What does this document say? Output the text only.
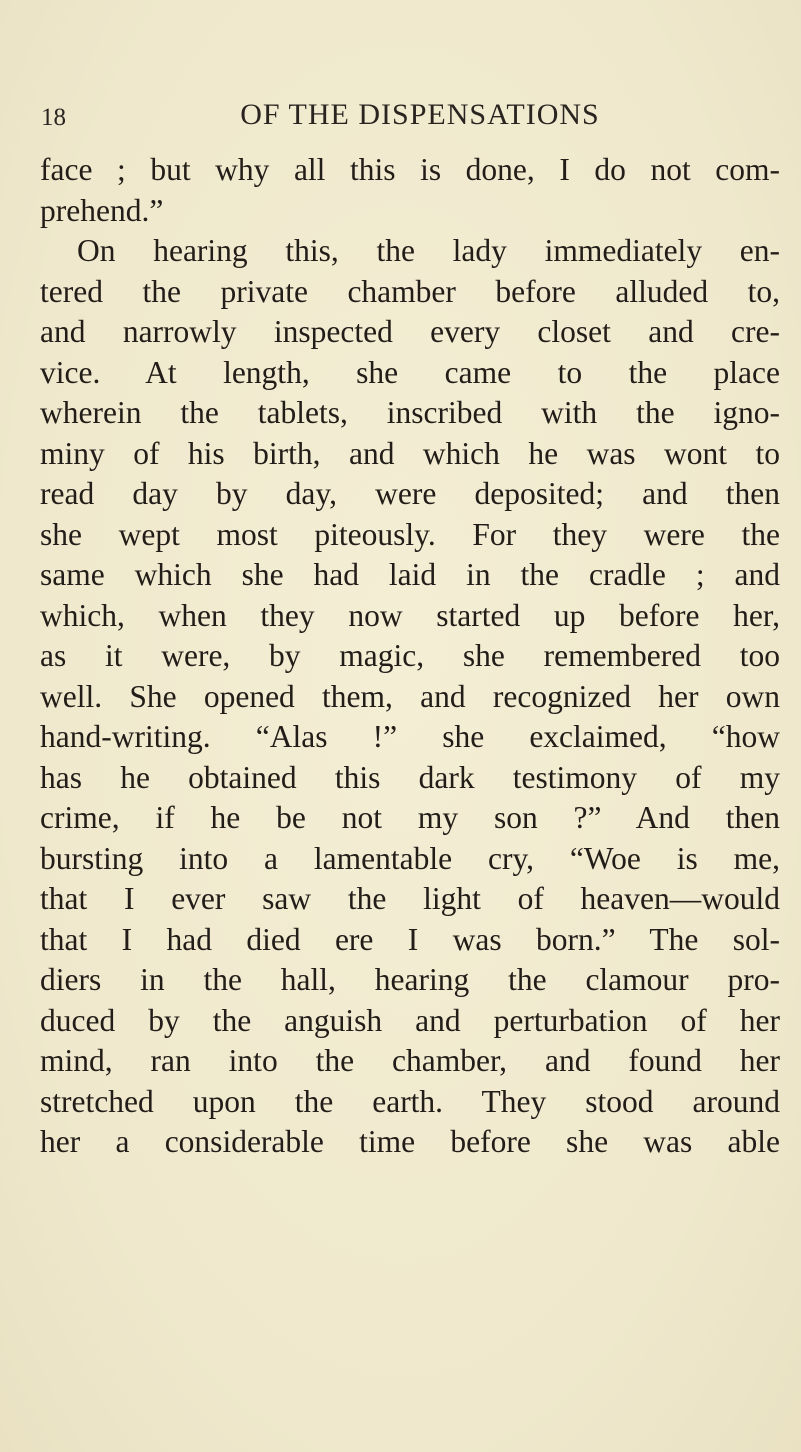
18	OF THE DISPENSATIONS
face ; but why all this is done, I do not com-
prehend.”
On hearing this, the lady immediately en-
tered the private chamber before alluded to,
and narrowly inspected every closet and cre-
vice. At length, she came to the place
wherein the tablets, inscribed with the igno-
miny of his birth, and which he was wont to
read day by day, were deposited; and then
she wept most piteously. For they were the
same which she had laid in the cradle ; and
which, when they now started up before her,
as it were, by magic, she remembered too
well. She opened them, and recognized her own
hand-writing. “Alas !” she exclaimed, “how
has he obtained this dark testimony of my
crime, if he be not my son ?” And then
bursting into a lamentable cry, “Woe is me,
that I ever saw the light of heaven—would
that I had died ere I was born.” The sol-
diers in the hall, hearing the clamour pro-
duced by the anguish and perturbation of her
mind, ran into the chamber, and found her
stretched upon the earth. They stood around
her a considerable time before she was able
